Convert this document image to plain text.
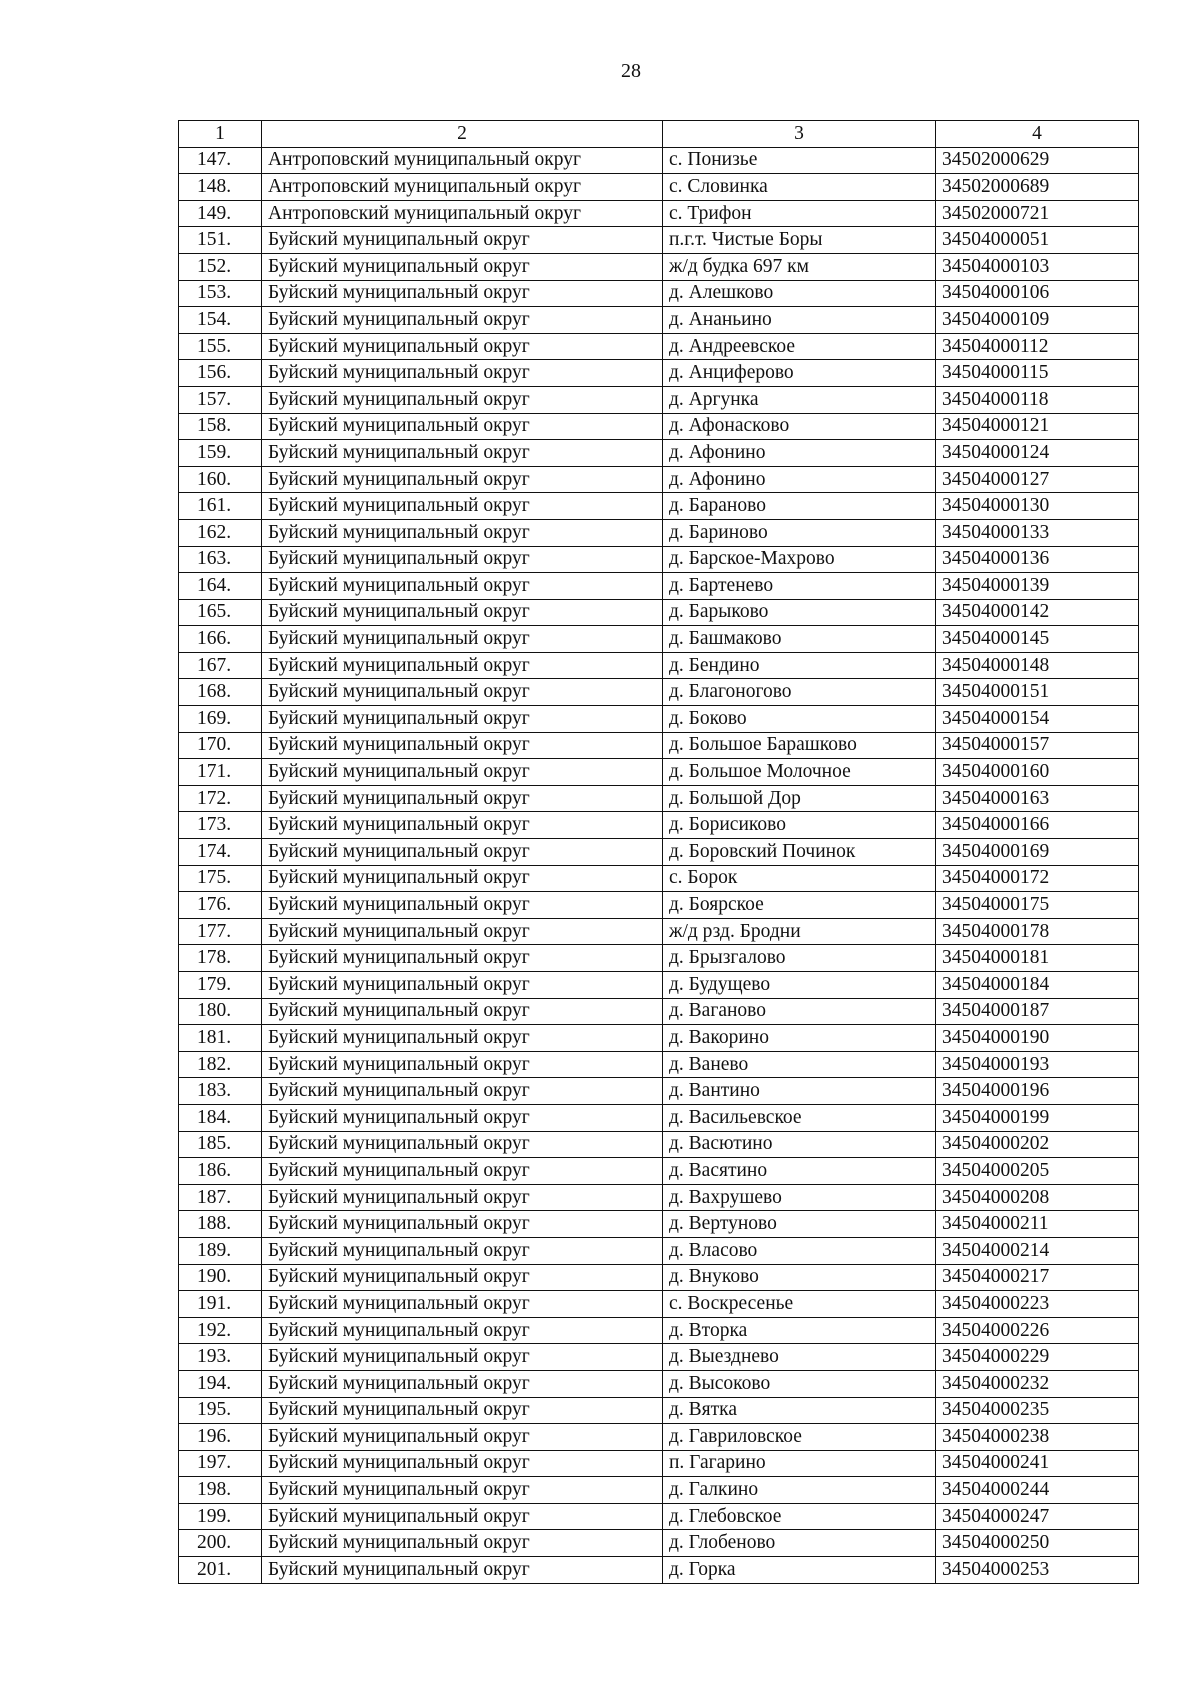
28
1	2	3	4
147.	Антроповский муниципальный округ	с. Понизье	34502000629
148.	Антроповский муниципальный округ	с. Словинка	34502000689
149.	Антроповский муниципальный округ	с. Трифон	34502000721
151.	Буйский муниципальный округ	п.г.т. Чистые Боры	34504000051
152.	Буйский муниципальный округ	ж/д будка 697 км	34504000103
153.	Буйский муниципальный округ	д. Алешково	34504000106
154.	Буйский муниципальный округ	д. Ананьино	34504000109
155.	Буйский муниципальный округ	д. Андреевское	34504000112
156.	Буйский муниципальный округ	д. Анциферово	34504000115
157.	Буйский муниципальный округ	д. Аргунка	34504000118
158.	Буйский муниципальный округ	д. Афонасково	34504000121
159.	Буйский муниципальный округ	д. Афонино	34504000124
160.	Буйский муниципальный округ	д. Афонино	34504000127
161.	Буйский муниципальный округ	д. Бараново	34504000130
162.	Буйский муниципальный округ	д. Бариново	34504000133
163.	Буйский муниципальный округ	д. Барское-Махрово	34504000136
164.	Буйский муниципальный округ	д. Бартенево	34504000139
165.	Буйский муниципальный округ	д. Барыково	34504000142
166.	Буйский муниципальный округ	д. Башмаково	34504000145
167.	Буйский муниципальный округ	д. Бендино	34504000148
168.	Буйский муниципальный округ	д. Благоногово	34504000151
169.	Буйский муниципальный округ	д. Боково	34504000154
170.	Буйский муниципальный округ	д. Большое Барашково	34504000157
171.	Буйский муниципальный округ	д. Большое Молочное	34504000160
172.	Буйский муниципальный округ	д. Большой Дор	34504000163
173.	Буйский муниципальный округ	д. Борисиково	34504000166
174.	Буйский муниципальный округ	д. Боровский Починок	34504000169
175.	Буйский муниципальный округ	с. Борок	34504000172
176.	Буйский муниципальный округ	д. Боярское	34504000175
177.	Буйский муниципальный округ	ж/д рзд. Бродни	34504000178
178.	Буйский муниципальный округ	д. Брызгалово	34504000181
179.	Буйский муниципальный округ	д. Будущево	34504000184
180.	Буйский муниципальный округ	д. Ваганово	34504000187
181.	Буйский муниципальный округ	д. Вакорино	34504000190
182.	Буйский муниципальный округ	д. Ванево	34504000193
183.	Буйский муниципальный округ	д. Вантино	34504000196
184.	Буйский муниципальный округ	д. Васильевское	34504000199
185.	Буйский муниципальный округ	д. Васютино	34504000202
186.	Буйский муниципальный округ	д. Васятино	34504000205
187.	Буйский муниципальный округ	д. Вахрушево	34504000208
188.	Буйский муниципальный округ	д. Вертуново	34504000211
189.	Буйский муниципальный округ	д. Власово	34504000214
190.	Буйский муниципальный округ	д. Внуково	34504000217
191.	Буйский муниципальный округ	с. Воскресенье	34504000223
192.	Буйский муниципальный округ	д. Вторка	34504000226
193.	Буйский муниципальный округ	д. Выезднево	34504000229
194.	Буйский муниципальный округ	д. Высоково	34504000232
195.	Буйский муниципальный округ	д. Вятка	34504000235
196.	Буйский муниципальный округ	д. Гавриловское	34504000238
197.	Буйский муниципальный округ	п. Гагарино	34504000241
198.	Буйский муниципальный округ	д. Галкино	34504000244
199.	Буйский муниципальный округ	д. Глебовское	34504000247
200.	Буйский муниципальный округ	д. Глобеново	34504000250
201.	Буйский муниципальный округ	д. Горка	34504000253
